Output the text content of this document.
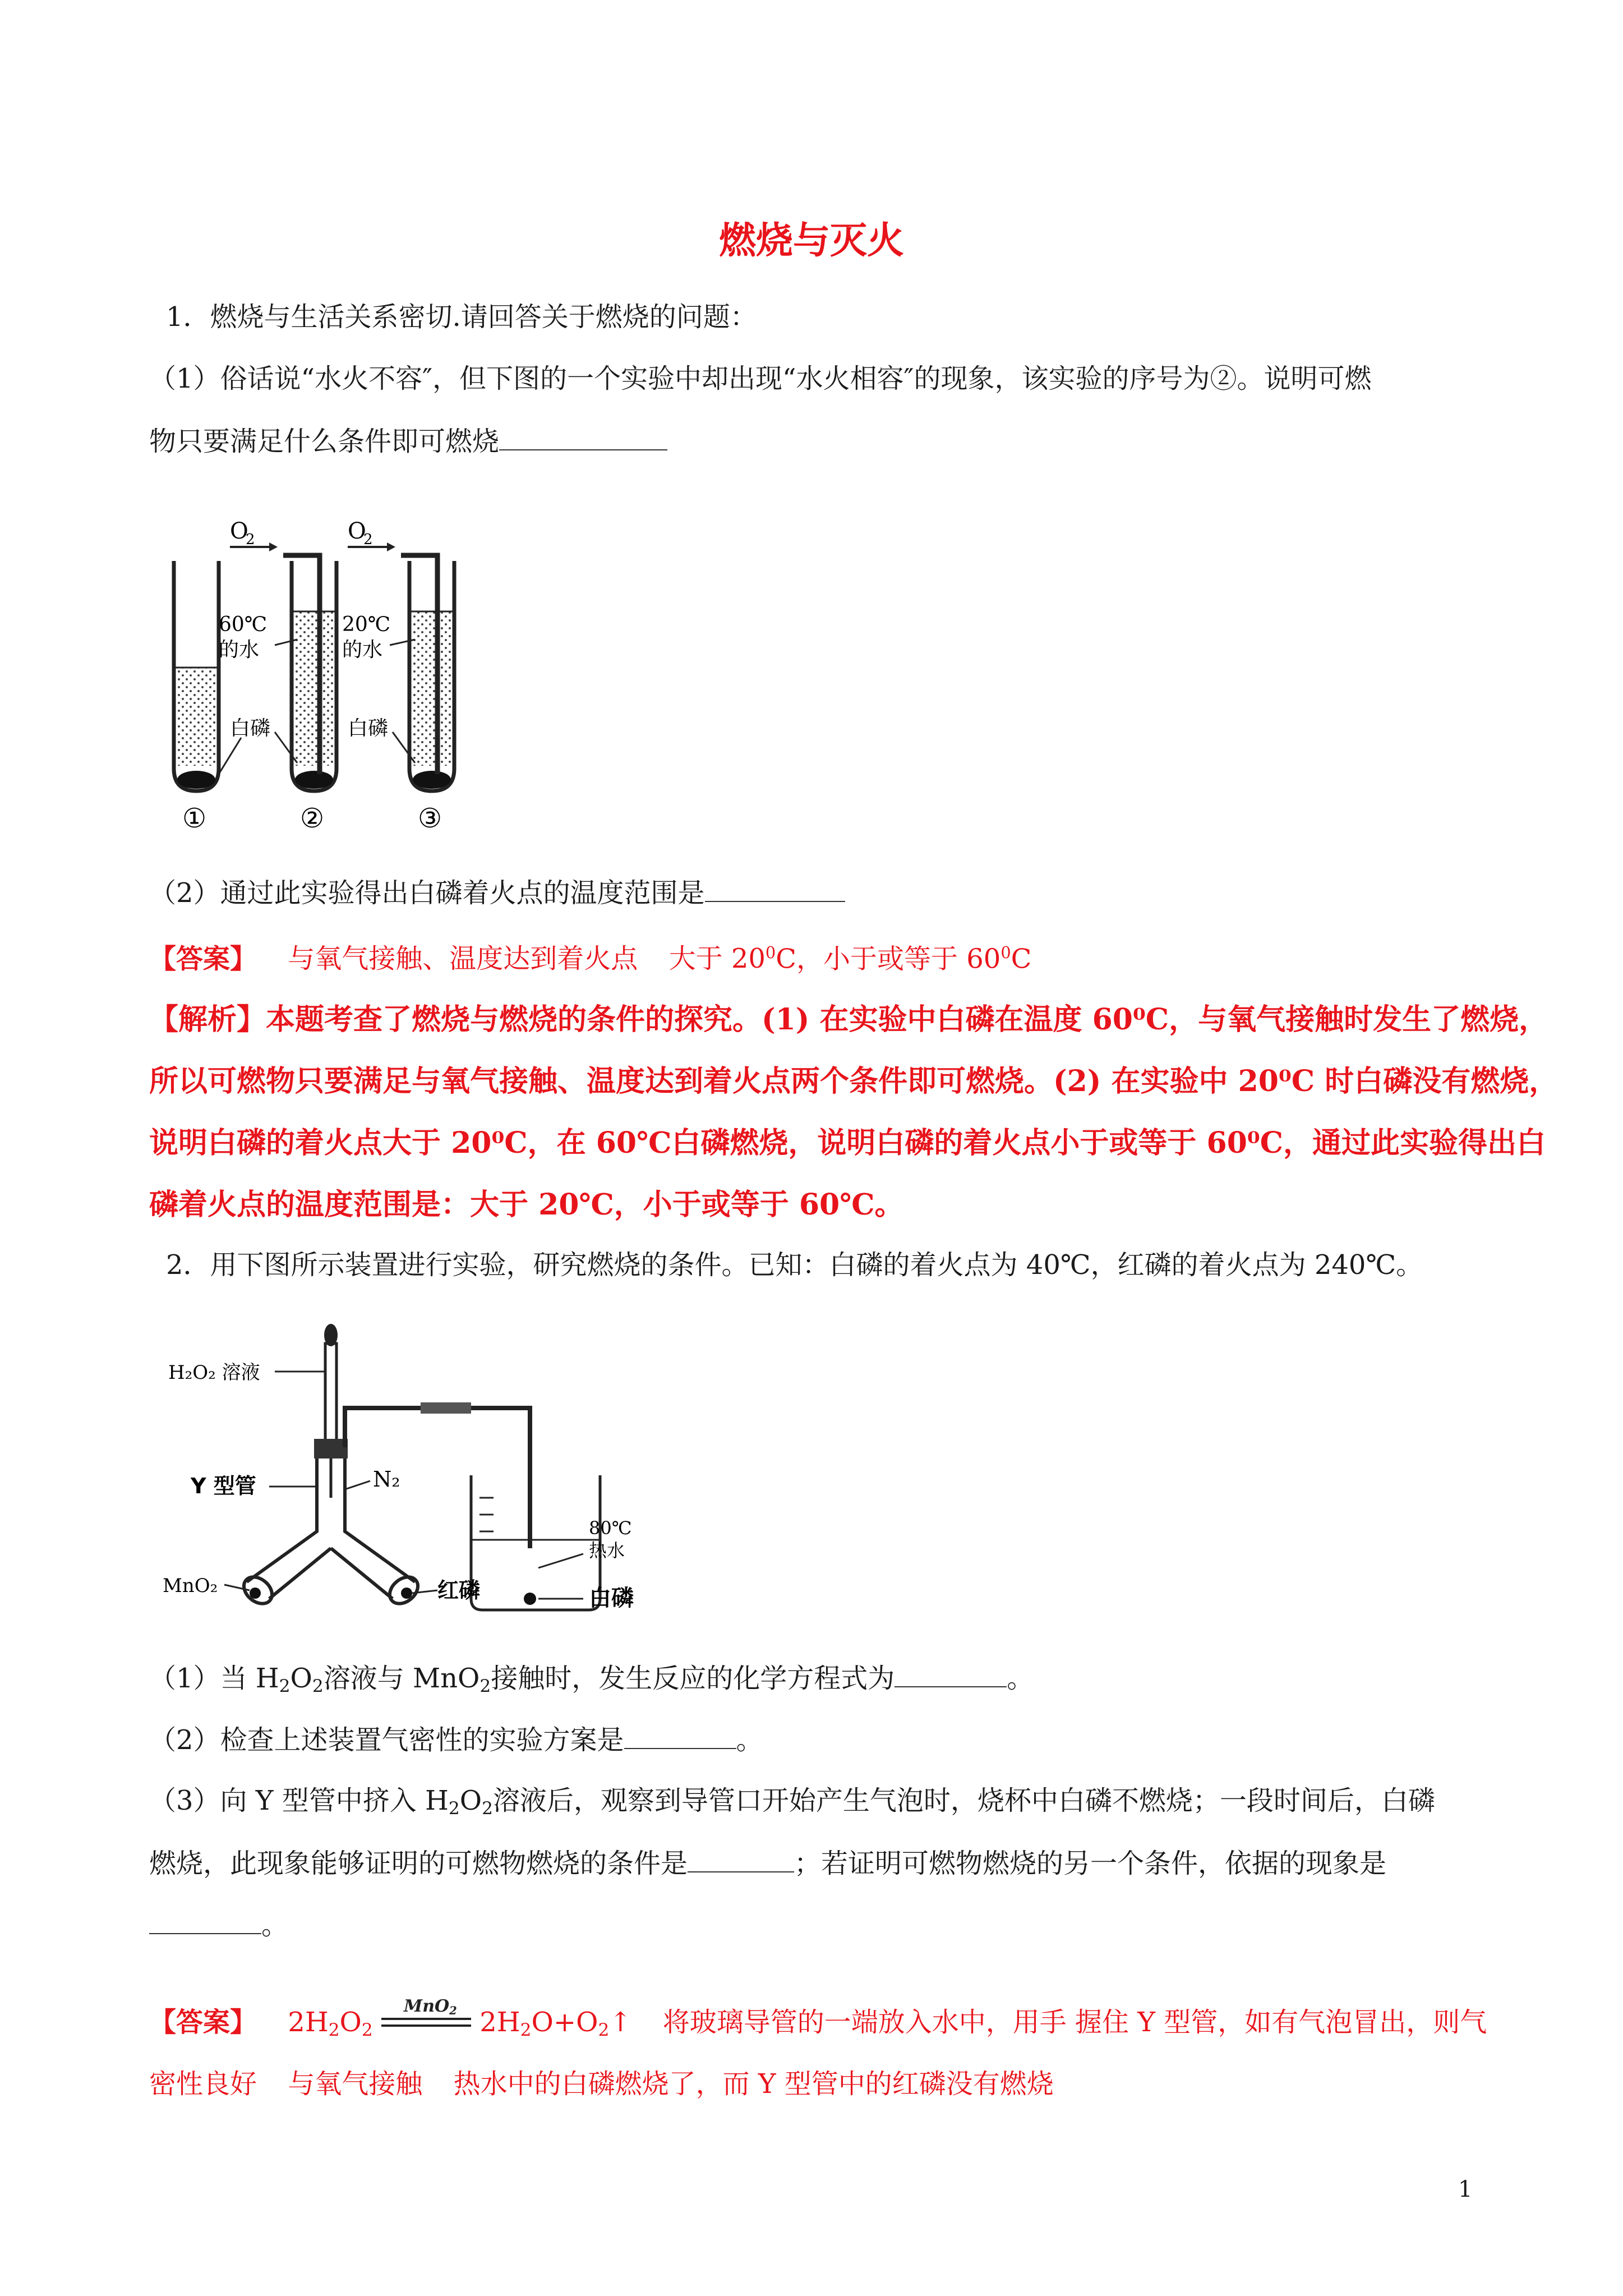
燃烧与灭火
1．燃烧与生活关系密切.请回答关于燃烧的问题：
（1）俗话说“水火不容″，但下图的一个实验中却出现“水火相容″的现象，该实验的序号为②。说明可燃
物只要满足什么条件即可燃烧
O
2	O
2
60℃
的水
20℃
的水
白磷	白磷
①	②	③
（2）通过此实验得出白磷着火点的温度范围是
【答案】 与氧气接触、温度达到着火点 大于 $20^0C$，小于或等于 $60^0C$
【解析】本题考查了燃烧与燃烧的条件的探究。(1) 在实验中白磷在温度 60⁰C，与氧气接触时发生了燃烧，
所以可燃物只要满足与氧气接触、温度达到着火点两个条件即可燃烧。(2) 在实验中 20⁰C 时白磷没有燃烧，
说明白磷的着火点大于 20⁰C，在 60℃白磷燃烧，说明白磷的着火点小于或等于 60⁰C，通过此实验得出白
磷着火点的温度范围是：大于 20℃，小于或等于 60℃。
2．用下图所示装置进行实验，研究燃烧的条件。已知：白磷的着火点为 40℃，红磷的着火点为 240℃。
H₂O₂ 溶液
Y 型管	N₂
MnO₂	红磷
80℃
热水
白磷
（1）当 $H_2O_2$溶液与 MnO$_2$接触时，发生反应的化学方程式为	。
（2）检查上述装置气密性的实验方案是	。
（3）向 Y 型管中挤入 $H_2O_2$溶液后，观察到导管口开始产生气泡时，烧杯中白磷不燃烧；一段时间后，白磷
燃烧，此现象能够证明的可燃物燃烧的条件是	；若证明可燃物燃烧的另一个条件，依据的现象是
。
【答案】 $2H_2O_2$
MnO$_2$ $2H_2O+O_2↑$ 将玻璃导管的一端放入水中，用手 握住 Y 型管，如有气泡冒出，则气
密性良好 与氧气接触 热水中的白磷燃烧了，而 Y 型管中的红磷没有燃烧
1
